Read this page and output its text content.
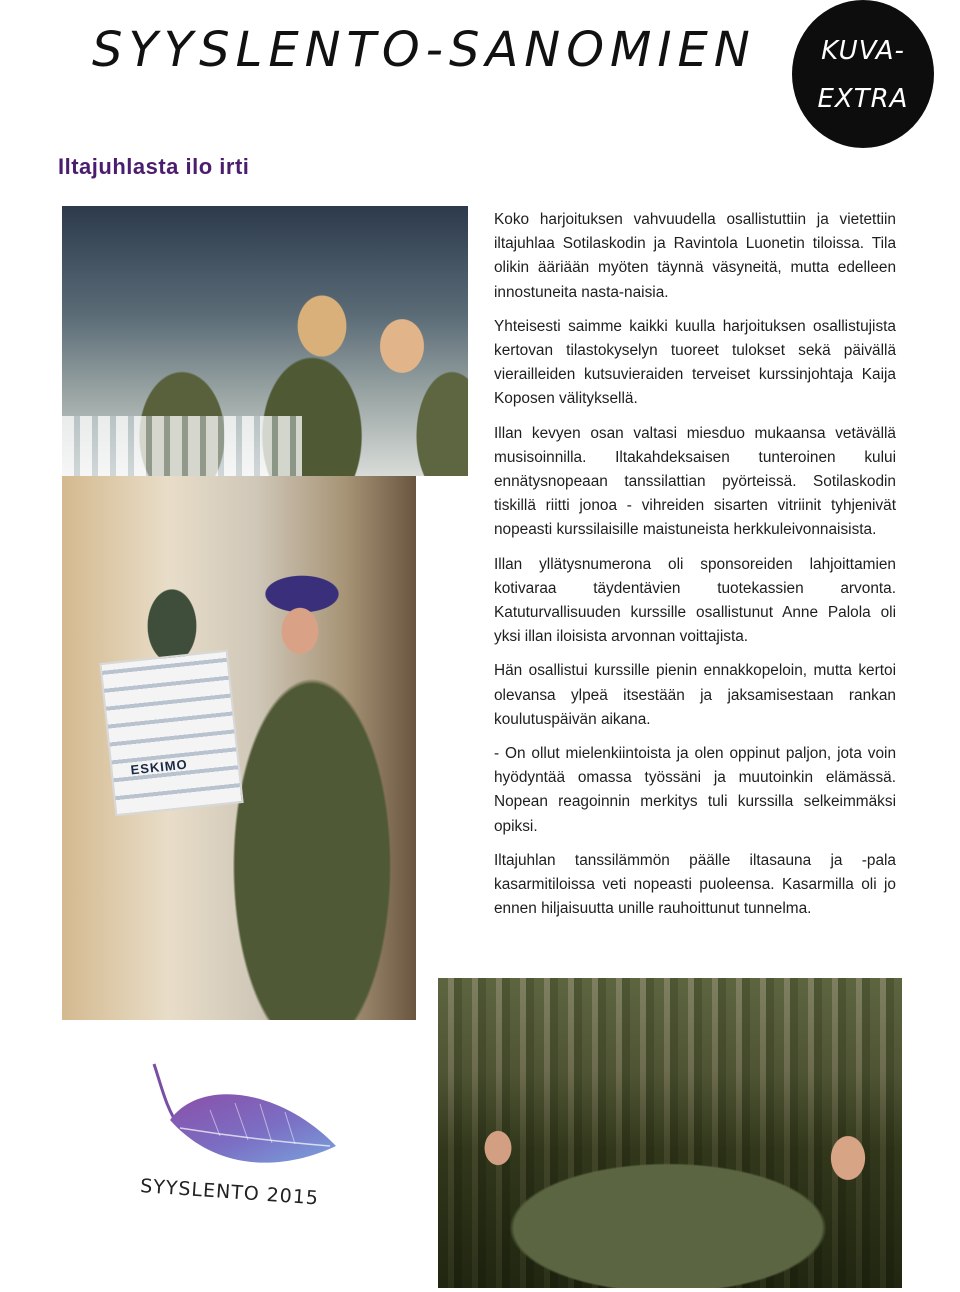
SYYSLENTO-SANOMIEN	KUVA-
EXTRA
Iltajuhlasta ilo irti
ESKIMO

Koko harjoituksen vahvuudella osallistuttiin ja vietettiin iltajuhlaa Sotilaskodin ja Ravintola Luonetin tiloissa. Tila olikin ääriään myöten täynnä väsyneitä, mutta edelleen innostuneita nasta-naisia.

Yhteisesti saimme kaikki kuulla harjoituksen osallistujista kertovan tilastokyselyn tuoreet tulokset sekä päivällä vierailleiden kutsuvieraiden terveiset kurssinjohtaja Kaija Koposen välityksellä.

Illan kevyen osan valtasi miesduo mukaansa vetävällä musisoinnilla. Iltakahdeksaisen tunteroinen kului ennätysnopeaan tanssilattian pyörteissä. Sotilaskodin tiskillä riitti jonoa - vihreiden sisarten vitriinit tyhjenivät nopeasti kurssilaisille maistuneista herkkuleivonnaisista.

Illan yllätysnumerona oli sponsoreiden lahjoittamien kotivaraa täydentävien tuotekassien arvonta. Katuturvallisuuden kurssille osallistunut Anne Palola oli yksi illan iloisista arvonnan voittajista.

Hän osallistui kurssille pienin ennakkopeloin, mutta kertoi olevansa ylpeä itsestään ja jaksamisestaan rankan koulutuspäivän aikana.

- On ollut mielenkiintoista ja olen oppinut paljon, jota voin hyödyntää omassa työssäni ja muutoinkin elämässä. Nopean reagoinnin merkitys tuli kurssilla selkeimmäksi opiksi.

Iltajuhlan tanssilämmön päälle iltasauna ja -pala kasarmitiloissa veti nopeasti puoleensa. Kasarmilla oli jo ennen hiljaisuutta unille rauhoittunut tunnelma.

SYYSLENTO 2015
